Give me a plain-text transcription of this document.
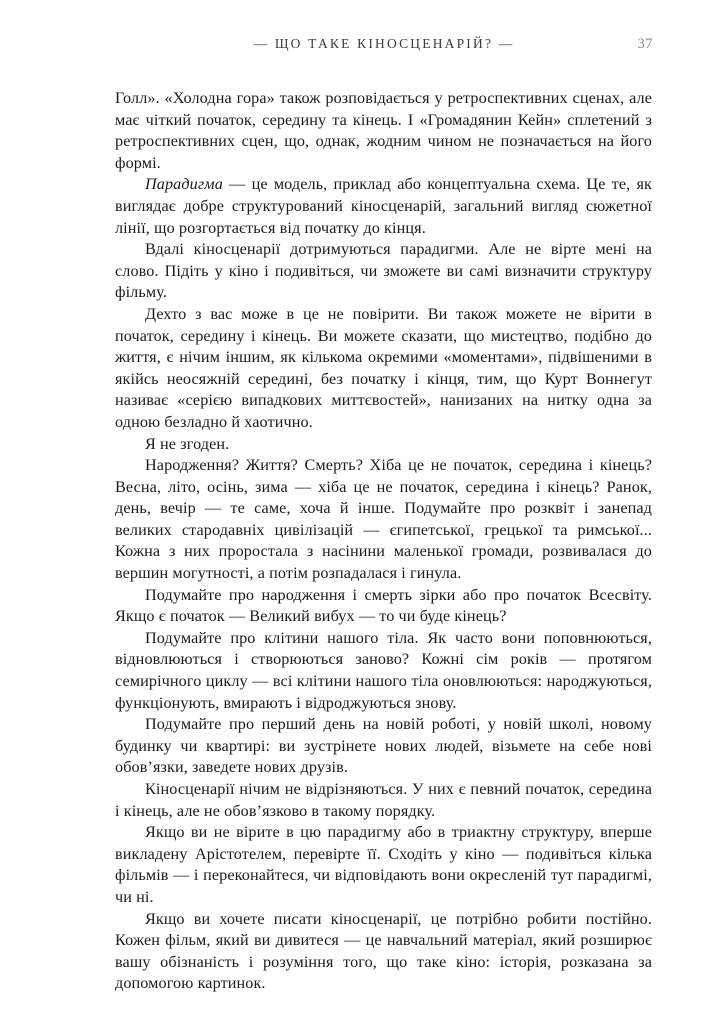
— ЩО ТАКЕ КІНОСЦЕНАРІЙ? —	37

Голл». «Холодна гора» також розповідається у ретроспективних сценах, але має чіткий початок, середину та кінець. І «Громадянин Кейн» сплетений з ретроспективних сцен, що, однак, жодним чином не позначається на його формі.

Парадигма — це модель, приклад або концептуальна схема. Це те, як виглядає добре структурований кіносценарій, загальний вигляд сюжетної лінії, що розгортається від початку до кінця.

Вдалі кіносценарії дотримуються парадигми. Але не вірте мені на слово. Підіть у кіно і подивіться, чи зможете ви самі визначити структуру фільму.

Дехто з вас може в це не повірити. Ви також можете не вірити в початок, середину і кінець. Ви можете сказати, що мистецтво, подібно до життя, є нічим іншим, як кількома окремими «моментами», підвішеними в якійсь неосяжній середині, без початку і кінця, тим, що Курт Воннегут називає «серією випадкових миттєвостей», нанизаних на нитку одна за одною безладно й хаотично.

Я не згоден.

Народження? Життя? Смерть? Хіба це не початок, середина і кінець? Весна, літо, осінь, зима — хіба це не початок, середина і кінець? Ранок, день, вечір — те саме, хоча й інше. Подумайте про розквіт і занепад великих стародавніх цивілізацій — єгипетської, грецької та римської... Кожна з них проростала з насінини маленької громади, розвивалася до вершин могутності, а потім розпадалася і гинула.

Подумайте про народження і смерть зірки або про початок Всесвіту. Якщо є початок — Великий вибух — то чи буде кінець?

Подумайте про клітини нашого тіла. Як часто вони поповнюються, відновлюються і створюються заново? Кожні сім років — протягом семирічного циклу — всі клітини нашого тіла оновлюються: народжуються, функціонують, вмирають і відроджуються знову.

Подумайте про перший день на новій роботі, у новій школі, новому будинку чи квартирі: ви зустрінете нових людей, візьмете на себе нові обов’язки, заведете нових друзів.

Кіносценарії нічим не відрізняються. У них є певний початок, середина і кінець, але не обов’язково в такому порядку.

Якщо ви не вірите в цю парадигму або в триактну структуру, вперше викладену Арістотелем, перевірте її. Сходіть у кіно — подивіться кілька фільмів — і переконайтеся, чи відповідають вони окресленій тут парадигмі, чи ні.

Якщо ви хочете писати кіносценарії, це потрібно робити постійно. Кожен фільм, який ви дивитеся — це навчальний матеріал, який розширює вашу обізнаність і розуміння того, що таке кіно: історія, розказана за допомогою картинок.
